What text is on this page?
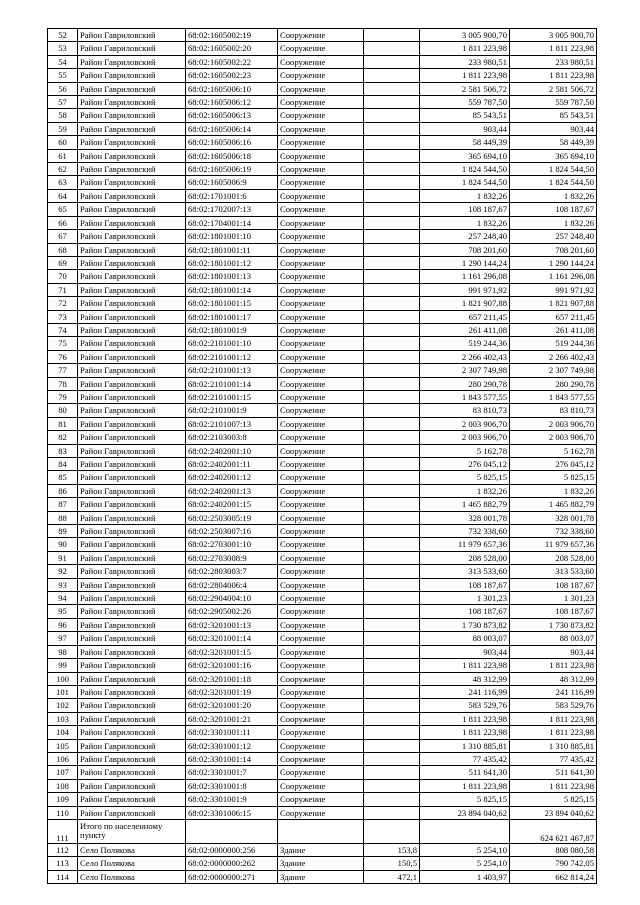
52	Район Гавриловский	68:02:1605002:19	Сооружение		3 005 900,70	3 005 900,70
53	Район Гавриловский	68:02:1605002:20	Сооружение		1 811 223,98	1 811 223,98
54	Район Гавриловский	68:02:1605002:22	Сооружение		233 980,51	233 980,51
55	Район Гавриловский	68:02:1605002:23	Сооружение		1 811 223,98	1 811 223,98
56	Район Гавриловский	68:02:1605006:10	Сооружение		2 581 506,72	2 581 506,72
57	Район Гавриловский	68:02:1605006:12	Сооружение		559 787,50	559 787,50
58	Район Гавриловский	68:02:1605006:13	Сооружение		85 543,51	85 543,51
59	Район Гавриловский	68:02:1605006:14	Сооружение		903,44	903,44
60	Район Гавриловский	68:02:1605006:16	Сооружение		58 449,39	58 449,39
61	Район Гавриловский	68:02:1605006:18	Сооружение		365 694,10	365 694,10
62	Район Гавриловский	68:02:1605006:19	Сооружение		1 824 544,50	1 824 544,50
63	Район Гавриловский	68:02:1605006:9	Сооружение		1 824 544,50	1 824 544,50
64	Район Гавриловский	68:02:1701001:6	Сооружение		1 832,26	1 832,26
65	Район Гавриловский	68:02:1702007:13	Сооружение		108 187,67	108 187,67
66	Район Гавриловский	68:02:1704001:14	Сооружение		1 832,26	1 832,26
67	Район Гавриловский	68:02:1801001:10	Сооружение		257 248,40	257 248,40
68	Район Гавриловский	68:02:1801001:11	Сооружение		708 201,60	708 201,60
69	Район Гавриловский	68:02:1801001:12	Сооружение		1 290 144,24	1 290 144,24
70	Район Гавриловский	68:02:1801001:13	Сооружение		1 161 296,08	1 161 296,08
71	Район Гавриловский	68:02:1801001:14	Сооружение		991 971,92	991 971,92
72	Район Гавриловский	68:02:1801001:15	Сооружение		1 821 907,88	1 821 907,88
73	Район Гавриловский	68:02:1801001:17	Сооружение		657 211,45	657 211,45
74	Район Гавриловский	68:02:1801001:9	Сооружение		261 411,08	261 411,08
75	Район Гавриловский	68:02:2101001:10	Сооружение		519 244,36	519 244,36
76	Район Гавриловский	68:02:2101001:12	Сооружение		2 266 402,43	2 266 402,43
77	Район Гавриловский	68:02:2101001:13	Сооружение		2 307 749,98	2 307 749,98
78	Район Гавриловский	68:02:2101001:14	Сооружение		280 290,78	280 290,78
79	Район Гавриловский	68:02:2101001:15	Сооружение		1 843 577,55	1 843 577,55
80	Район Гавриловский	68:02:2101001:9	Сооружение		83 810,73	83 810,73
81	Район Гавриловский	68:02:2101007:13	Сооружение		2 003 906,70	2 003 906,70
82	Район Гавриловский	68:02:2103003:8	Сооружение		2 003 906,70	2 003 906,70
83	Район Гавриловский	68:02:2402001:10	Сооружение		5 162,78	5 162,78
84	Район Гавриловский	68:02:2402001:11	Сооружение		276 045,12	276 045,12
85	Район Гавриловский	68:02:2402001:12	Сооружение		5 825,15	5 825,15
86	Район Гавриловский	68:02:2402001:13	Сооружение		1 832,26	1 832,26
87	Район Гавриловский	68:02:2402001:15	Сооружение		1 465 882,79	1 465 882,79
88	Район Гавриловский	68:02:2503005:19	Сооружение		328 001,78	328 001,78
89	Район Гавриловский	68:02:2503007:16	Сооружение		732 338,60	732 338,60
90	Район Гавриловский	68:02:2703001:10	Сооружение		11 979 657,36	11 979 657,36
91	Район Гавриловский	68:02:2703008:9	Сооружение		208 528,00	208 528,00
92	Район Гавриловский	68:02:2803003:7	Сооружение		313 533,60	313 533,60
93	Район Гавриловский	68:02:2804006:4	Сооружение		108 187,67	108 187,67
94	Район Гавриловский	68:02:2904004:10	Сооружение		1 301,23	1 301,23
95	Район Гавриловский	68:02:2905002:26	Сооружение		108 187,67	108 187,67
96	Район Гавриловский	68:02:3201001:13	Сооружение		1 730 873,82	1 730 873,82
97	Район Гавриловский	68:02:3201001:14	Сооружение		88 003,07	88 003,07
98	Район Гавриловский	68:02:3201001:15	Сооружение		903,44	903,44
99	Район Гавриловский	68:02:3201001:16	Сооружение		1 811 223,98	1 811 223,98
100	Район Гавриловский	68:02:3201001:18	Сооружение		48 312,99	48 312,99
101	Район Гавриловский	68:02:3201001:19	Сооружение		241 116,99	241 116,99
102	Район Гавриловский	68:02:3201001:20	Сооружение		583 529,76	583 529,76
103	Район Гавриловский	68:02:3201001:21	Сооружение		1 811 223,98	1 811 223,98
104	Район Гавриловский	68:02:3301001:11	Сооружение		1 811 223,98	1 811 223,98
105	Район Гавриловский	68:02:3301001:12	Сооружение		1 310 885,81	1 310 885,81
106	Район Гавриловский	68:02:3301001:14	Сооружение		77 435,42	77 435,42
107	Район Гавриловский	68:02:3301001:7	Сооружение		511 641,30	511 641,30
108	Район Гавриловский	68:02:3301001:8	Сооружение		1 811 223,98	1 811 223,98
109	Район Гавриловский	68:02:3301001:9	Сооружение		5 825,15	5 825,15
110	Район Гавриловский	68:02:3301006:15	Сооружение		23 894 040,62	23 894 040,62
111	Итого по населенному пункту					624 621 467,87
112	Село Полякова	68:02:0000000:256	Здание	153,8	5 254,10	808 080,58
113	Село Полякова	68:02:0000000:262	Здание	150,5	5 254,10	790 742,05
114	Село Полякова	68:02:0000000:271	Здание	472,1	1 403,97	662 814,24
